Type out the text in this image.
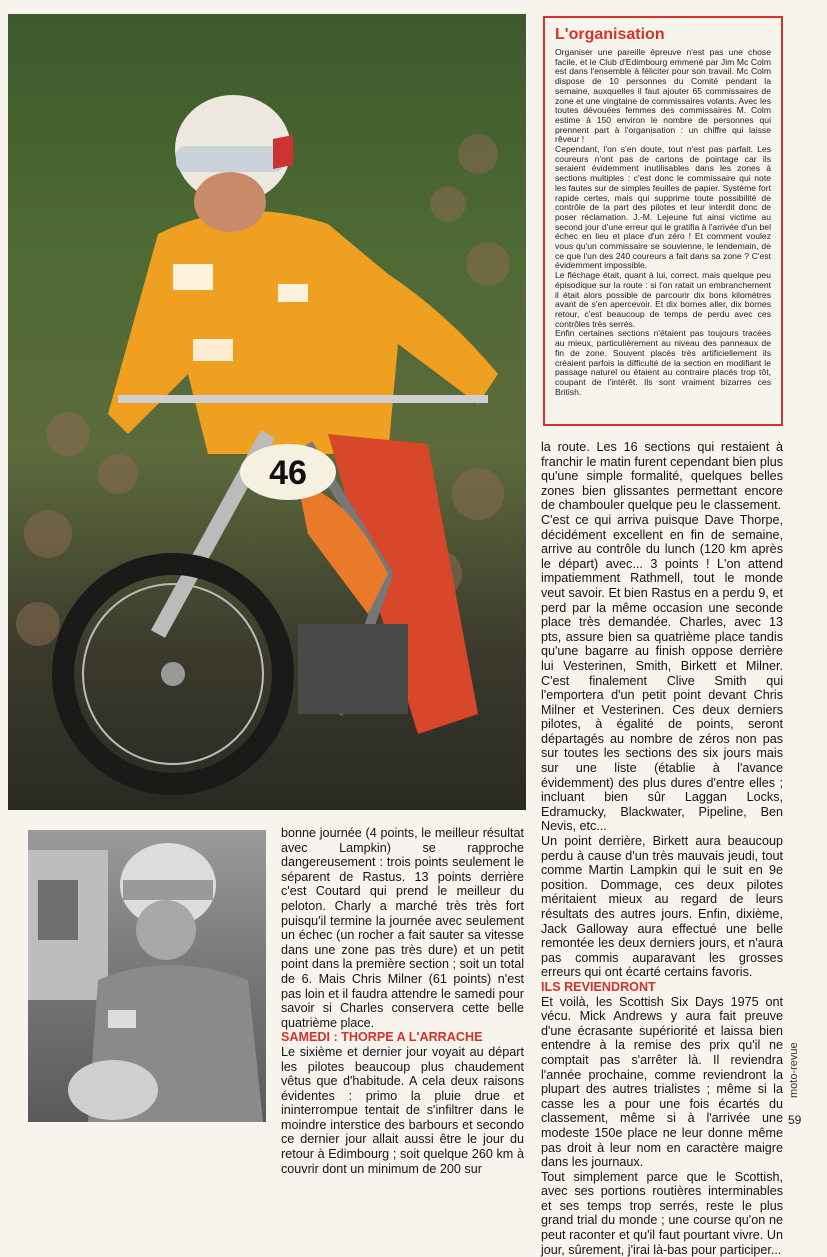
46
L'organisation

Organiser une pareille épreuve n'est pas une chose facile, et le Club d'Edimbourg emmené par Jim Mc Colm est dans l'ensemble à féliciter pour son travail. Mc Colm dispose de 10 personnes du Comité pendant la semaine, auxquelles il faut ajouter 65 commissaires de zone et une vingtaine de commissaires volants. Avec les toutes dévouées femmes des commissaires M. Colm estime à 150 environ le nombre de personnes qui prennent part à l'organisation : un chiffre qui laisse rêveur !

Cependant, l'on s'en doute, tout n'est pas parfait. Les coureurs n'ont pas de cartons de pointage car ils seraient évidemment inutilisables dans les zones à sections multiples : c'est donc le commissaire qui note les fautes sur de simples feuilles de papier. Système fort rapide certes, mais qui supprime toute possibilité de contrôle de la part des pilotes et leur interdit donc de poser réclamation. J.-M. Lejeune fut ainsi victime au second jour d'une erreur qui le gratifia à l'arrivée d'un bel échec en lieu et place d'un zéro ! Et comment voulez vous qu'un commissaire se souvienne, le lendemain, de ce que l'un des 240 coureurs a fait dans sa zone ? C'est évidemment impossible.

Le fléchage était, quant à lui, correct, mais quelque peu épisodique sur la route : si l'on ratait un embranchement il était alors possible de parcourir dix bons kilomètres avant de s'en apercevoir. Et dix bornes aller, dix bornes retour, c'est beaucoup de temps de perdu avec ces contrôles très serrés.

Enfin certaines sections n'étaient pas toujours tracées au mieux, particulièrement au niveau des panneaux de fin de zone. Souvent placés très artificiellement ils créaient parfois la difficulté de la section en modifiant le passage naturel ou étaient au contraire placés trop tôt, coupant de l'intérêt. Ils sont vraiment bizarres ces British.

la route. Les 16 sections qui restaient à franchir le matin furent cependant bien plus qu'une simple formalité, quelques belles zones bien glissantes permettant encore de chambouler quelque peu le classement.

C'est ce qui arriva puisque Dave Thorpe, décidément excellent en fin de semaine, arrive au contrôle du lunch (120 km après le départ) avec... 3 points ! L'on attend impatiemment Rathmell, tout le monde veut savoir. Et bien Rastus en a perdu 9, et perd par la même occasion une seconde place très demandée. Charles, avec 13 pts, assure bien sa quatrième place tandis qu'une bagarre au finish oppose derrière lui Vesterinen, Smith, Birkett et Milner. C'est finalement Clive Smith qui l'emportera d'un petit point devant Chris Milner et Vesterinen. Ces deux derniers pilotes, à égalité de points, seront départagés au nombre de zéros non pas sur toutes les sections des six jours mais sur une liste (établie à l'avance évidemment) des plus dures d'entre elles ; incluant bien sûr Laggan Locks, Edramucky, Blackwater, Pipeline, Ben Nevis, etc...

Un point derrière, Birkett aura beaucoup perdu à cause d'un très mauvais jeudi, tout comme Martin Lampkin qui le suit en 9e position. Dommage, ces deux pilotes méritaient mieux au regard de leurs résultats des autres jours. Enfin, dixième, Jack Galloway aura effectué une belle remontée les deux derniers jours, et n'aura pas commis auparavant les grosses erreurs qui ont écarté certains favoris.

ILS REVIENDRONT

Et voilà, les Scottish Six Days 1975 ont vécu. Mick Andrews y aura fait preuve d'une écrasante supériorité et laissa bien entendre à la remise des prix qu'il ne comptait pas s'arrêter là. Il reviendra l'année prochaine, comme reviendront la plupart des autres trialistes ; même si la casse les a pour une fois écartés du classement, même si à l'arrivée une modeste 150e place ne leur donne même pas droit à leur nom en caractère maigre dans les journaux.

Tout simplement parce que le Scottish, avec ses portions routières interminables et ses temps trop serrés, reste le plus grand trial du monde ; une course qu'on ne peut raconter et qu'il faut pourtant vivre. Un jour, sûrement, j'irai là-bas pour participer...

bonne journée (4 points, le meilleur résultat avec Lampkin) se rapproche dangereusement : trois points seulement le séparent de Rastus. 13 points derrière c'est Coutard qui prend le meilleur du peloton. Charly a marché très très fort puisqu'il termine la journée avec seulement un échec (un rocher a fait sauter sa vitesse dans une zone pas très dure) et un petit point dans la première section ; soit un total de 6. Mais Chris Milner (61 points) n'est pas loin et il faudra attendre le samedi pour savoir si Charles conservera cette belle quatrième place.

SAMEDI : THORPE A L'ARRACHE

Le sixième et dernier jour voyait au départ les pilotes beaucoup plus chaudement vêtus que d'habitude. A cela deux raisons évidentes : primo la pluie drue et ininterrompue tentait de s'infiltrer dans le moindre interstice des barbours et secondo ce dernier jour allait aussi être le jour du retour à Edimbourg ; soit quelque 260 km à couvrir dont un minimum de 200 sur

moto-revue
59
